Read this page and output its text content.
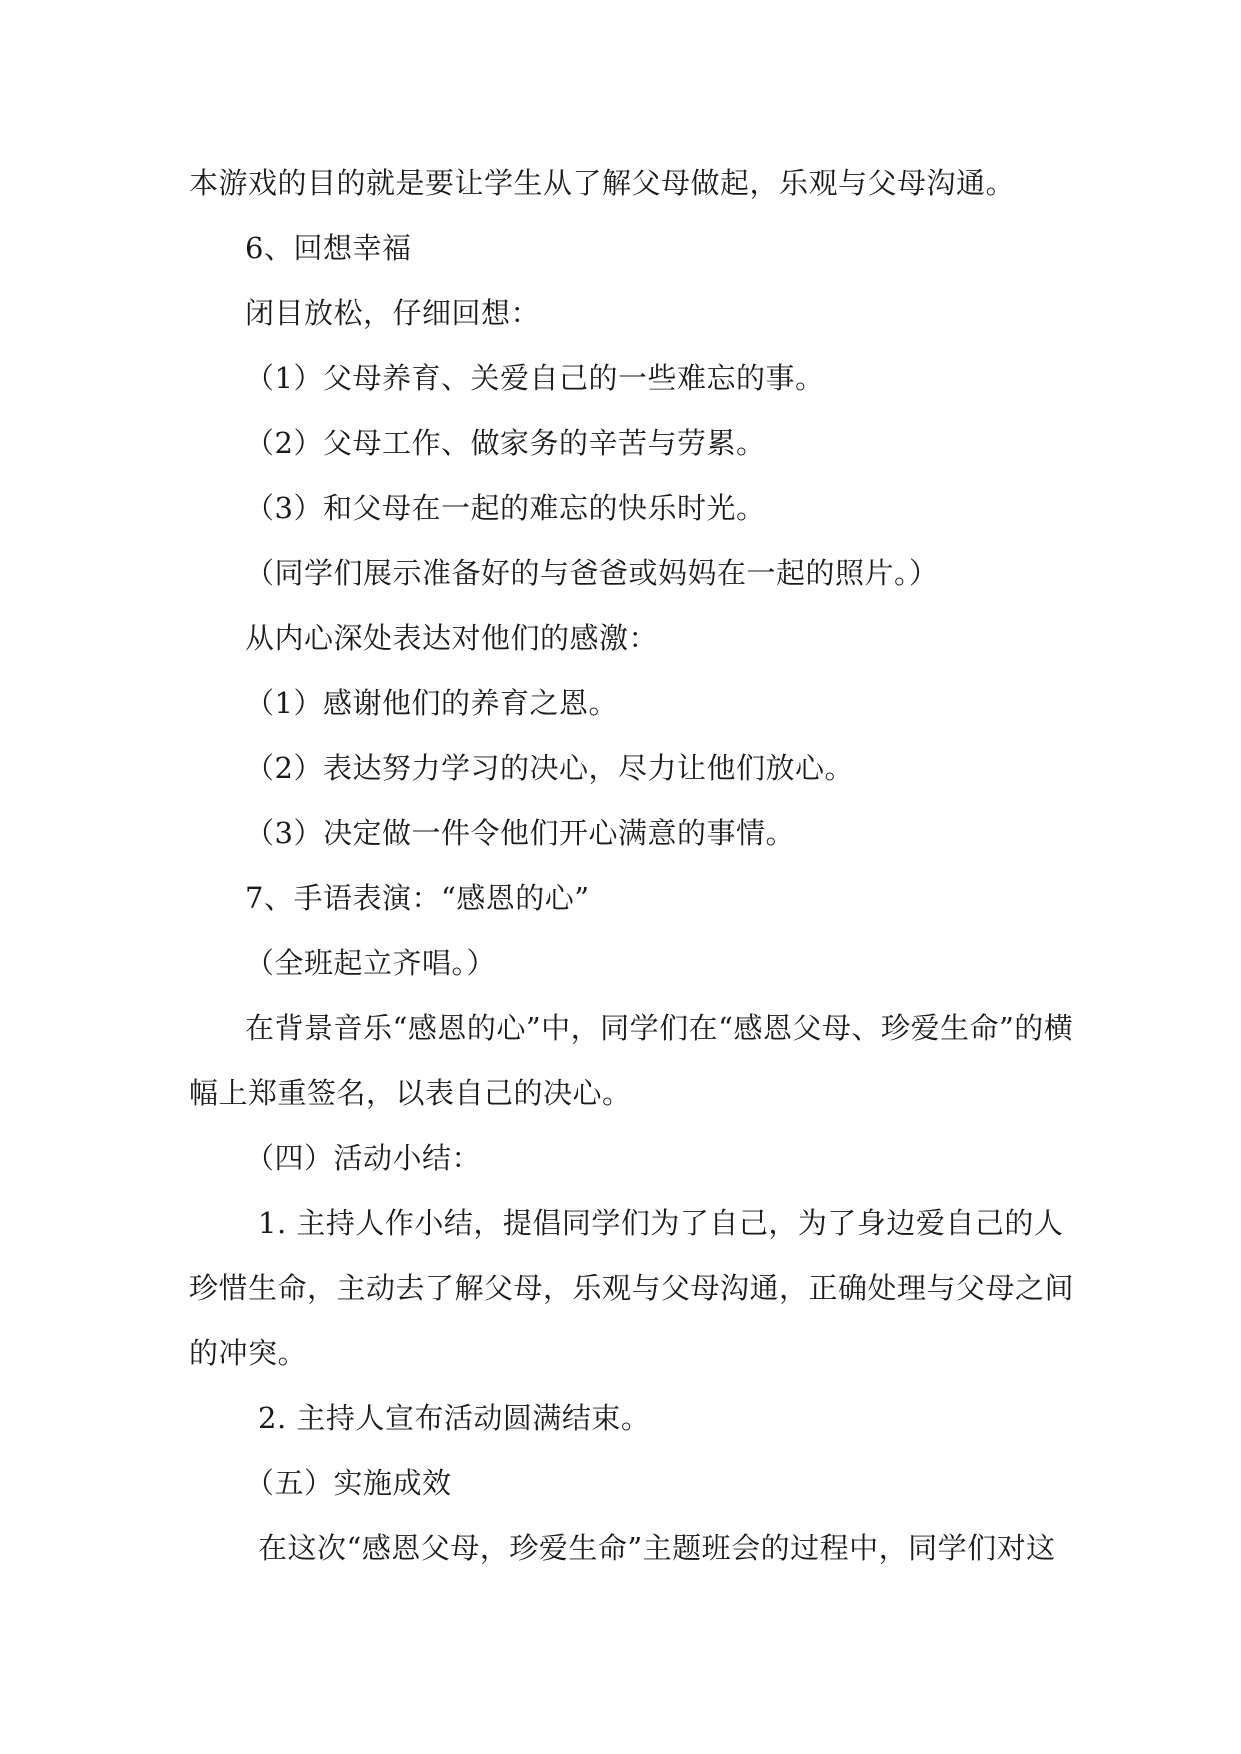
本游戏的目的就是要让学生从了解父母做起，乐观与父母沟通。
6、回想幸福
闭目放松，仔细回想：
（1）父母养育、关爱自己的一些难忘的事。
（2）父母工作、做家务的辛苦与劳累。
（3）和父母在一起的难忘的快乐时光。
（同学们展示准备好的与爸爸或妈妈在一起的照片。）
从内心深处表达对他们的感激：
（1）感谢他们的养育之恩。
（2）表达努力学习的决心，尽力让他们放心。
（3）决定做一件令他们开心满意的事情。
7、手语表演：“感恩的心”
（全班起立齐唱。）
在背景音乐“感恩的心”中，同学们在“感恩父母、珍爱生命”的横
幅上郑重签名，以表自己的决心。
（四）活动小结：
1. 主持人作小结，提倡同学们为了自己，为了身边爱自己的人
珍惜生命，主动去了解父母，乐观与父母沟通，正确处理与父母之间
的冲突。
2. 主持人宣布活动圆满结束。
（五）实施成效
在这次“感恩父母，珍爱生命”主题班会的过程中，同学们对这
